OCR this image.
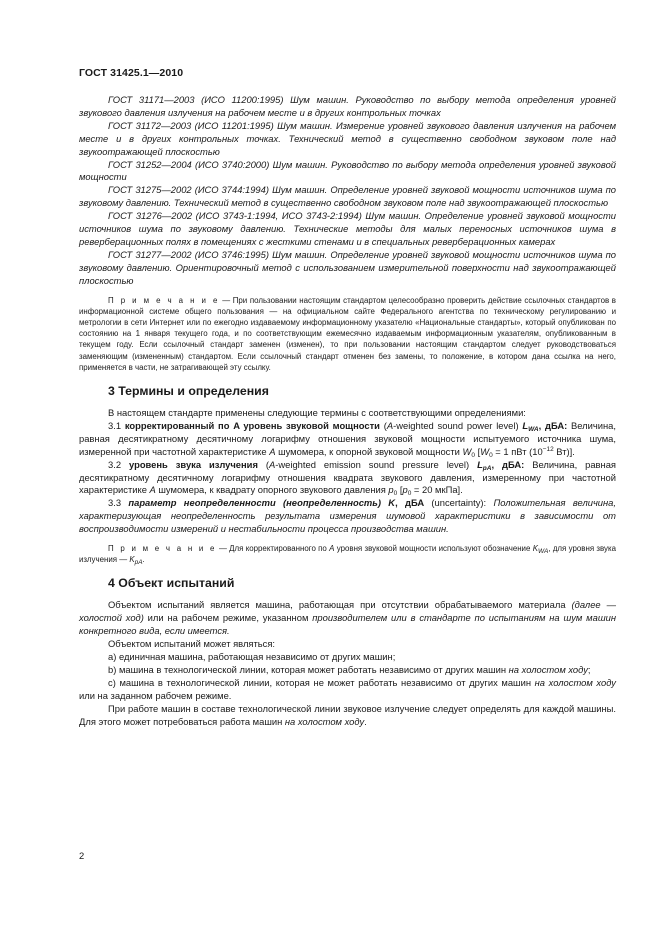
ГОСТ 31425.1—2010

ГОСТ 31171—2003 (ИСО 11200:1995) Шум машин. Руководство по выбору метода определения уровней звукового давления излучения на рабочем месте и в других контрольных точках

ГОСТ 31172—2003 (ИСО 11201:1995) Шум машин. Измерение уровней звукового давления излучения на рабочем месте и в других контрольных точках. Технический метод в существенно свободном звуковом поле над звукоотражающей плоскостью

ГОСТ 31252—2004 (ИСО 3740:2000) Шум машин. Руководство по выбору метода определения уровней звуковой мощности

ГОСТ 31275—2002 (ИСО 3744:1994) Шум машин. Определение уровней звуковой мощности источников шума по звуковому давлению. Технический метод в существенно свободном звуковом поле над звукоотражающей плоскостью

ГОСТ 31276—2002 (ИСО 3743-1:1994, ИСО 3743-2:1994) Шум машин. Определение уровней звуковой мощности источников шума по звуковому давлению. Технические методы для малых переносных источников шума в реверберационных полях в помещениях с жесткими стенами и в специальных реверберационных камерах

ГОСТ 31277—2002 (ИСО 3746:1995) Шум машин. Определение уровней звуковой мощности источников шума по звуковому давлению. Ориентировочный метод с использованием измерительной поверхности над звукоотражающей плоскостью

П р и м е ч а н и е — При пользовании настоящим стандартом целесообразно проверить действие ссылочных стандартов в информационной системе общего пользования — на официальном сайте Федерального агентства по техническому регулированию и метрологии в сети Интернет или по ежегодно издаваемому информационному указателю «Национальные стандарты», который опубликован по состоянию на 1 января текущего года, и по соответствующим ежемесячно издаваемым информационным указателям, опубликованным в текущем году. Если ссылочный стандарт заменен (изменен), то при пользовании настоящим стандартом следует руководствоваться заменяющим (измененным) стандартом. Если ссылочный стандарт отменен без замены, то положение, в котором дана ссылка на него, применяется в части, не затрагивающей эту ссылку.

3 Термины и определения

В настоящем стандарте применены следующие термины с соответствующими определениями:

3.1 корректированный по A уровень звуковой мощности (A-weighted sound power level) $L_{WA}$, дБА: Величина, равная десятикратному десятичному логарифму отношения звуковой мощности испытуемого источника шума, измеренной при частотной характеристике A шумомера, к опорной звуковой мощности $W_0$ [$W_0 = 1$ пВт ($10^{-12}$ Вт)].

3.2 уровень звука излучения (A-weighted emission sound pressure level) $L_{pA}$, дБА: Величина, равная десятикратному десятичному логарифму отношения квадрата звукового давления, измеренному при частотной характеристике A шумомера, к квадрату опорного звукового давления $p_0$ [$p_0 = 20$ мкПа].

3.3 параметр неопределенности (неопределенность) K, дБА (uncertainty): Положительная величина, характеризующая неопределенность результата измерения шумовой характеристики в зависимости от воспроизводимости измерений и нестабильности процесса производства машин.

П р и м е ч а н и е — Для корректированного по A уровня звуковой мощности используют обозначение $K_{WA}$, для уровня звука излучения — $K_{pA}$.

4 Объект испытаний

Объектом испытаний является машина, работающая при отсутствии обрабатываемого материала (далее — холостой ход) или на рабочем режиме, указанном производителем или в стандарте по испытаниям на шум машин конкретного вида, если имеется.

Объектом испытаний может являться:

а) единичная машина, работающая независимо от других машин;

b) машина в технологической линии, которая может работать независимо от других машин на холостом ходу;

c) машина в технологической линии, которая не может работать независимо от других машин на холостом ходу или на заданном рабочем режиме.

При работе машин в составе технологической линии звуковое излучение следует определять для каждой машины. Для этого может потребоваться работа машин на холостом ходу.

2
